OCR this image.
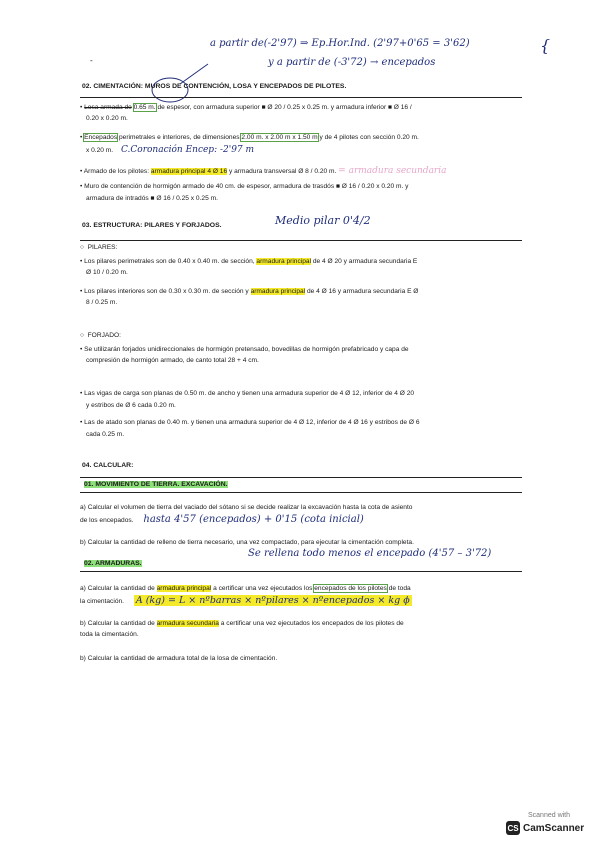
a partir de(-2'97) ⇒ Ep.Hor.Ind. (2'97+0'65 = 3'62)
y a partir de (-3'72) → encepados
{
-
02. CIMENTACIÓN: MUROS DE CONTENCIÓN, LOSA Y ENCEPADOS DE PILOTES.
• Losa armada de 0.65 m. de espesor, con armadura superior ■ Ø 20 / 0.25 x 0.25 m. y armadura inferior ■ Ø 16 /
0.20 x 0.20 m.
• Encepados perimetrales e interiores, de dimensiones 2.00 m. x 2.00 m x 1.50 m y de 4 pilotes con sección 0.20 m.
x 0.20 m. C.Coronación Encep: -2'97 m
• Armado de los pilotes: armadura principal 4 Ø 16 y armadura transversal Ø 8 / 0.20 m. = armadura secundaria
• Muro de contención de hormigón armado de 40 cm. de espesor, armadura de trasdós ■ Ø 16 / 0.20 x 0.20 m. y
armadura de intradós ■ Ø 16 / 0.25 x 0.25 m.
03. ESTRUCTURA: PILARES Y FORJADOS.	Medio pilar 0'4/2
○  PILARES:
• Los pilares perimetrales son de 0.40 x 0.40 m. de sección, armadura principal de 4 Ø 20 y armadura secundaria E
Ø 10 / 0.20 m.
• Los pilares interiores son de 0.30 x 0.30 m. de sección y armadura principal de 4 Ø 16 y armadura secundaria E Ø
8 / 0.25 m.
○  FORJADO:
• Se utilizarán forjados unidireccionales de hormigón pretensado, bovedillas de hormigón prefabricado y capa de
compresión de hormigón armado, de canto total 28 + 4 cm.
• Las vigas de carga son planas de 0.50 m. de ancho y tienen una armadura superior de 4 Ø 12, inferior de 4 Ø 20
y estribos de Ø 6 cada 0.20 m.
• Las de atado son planas de 0.40 m. y tienen una armadura superior de 4 Ø 12, inferior de 4 Ø 16 y estribos de Ø 6
cada 0.25 m.
04. CALCULAR:
01. MOVIMIENTO DE TIERRA. EXCAVACIÓN.
a) Calcular el volumen de tierra del vaciado del sótano si se decide realizar la excavación hasta la cota de asiento
de los encepados. hasta 4'57 (encepados) + 0'15 (cota inicial)
b) Calcular la cantidad de relleno de tierra necesario, una vez compactado, para ejecutar la cimentación completa.
Se rellena todo menos el encepado (4'57 – 3'72)
02. ARMADURAS.
a) Calcular la cantidad de armadura principal a certificar una vez ejecutados los encepados de los pilotes de toda
la cimentación. A (kg) = L × nºbarras × nºpilares × nºencepados × kg ϕ
b) Calcular la cantidad de armadura secundaria a certificar una vez ejecutados los encepados de los pilotes de
toda la cimentación.
b) Calcular la cantidad de armadura total de la losa de cimentación.
Scanned with
CS CamScanner
